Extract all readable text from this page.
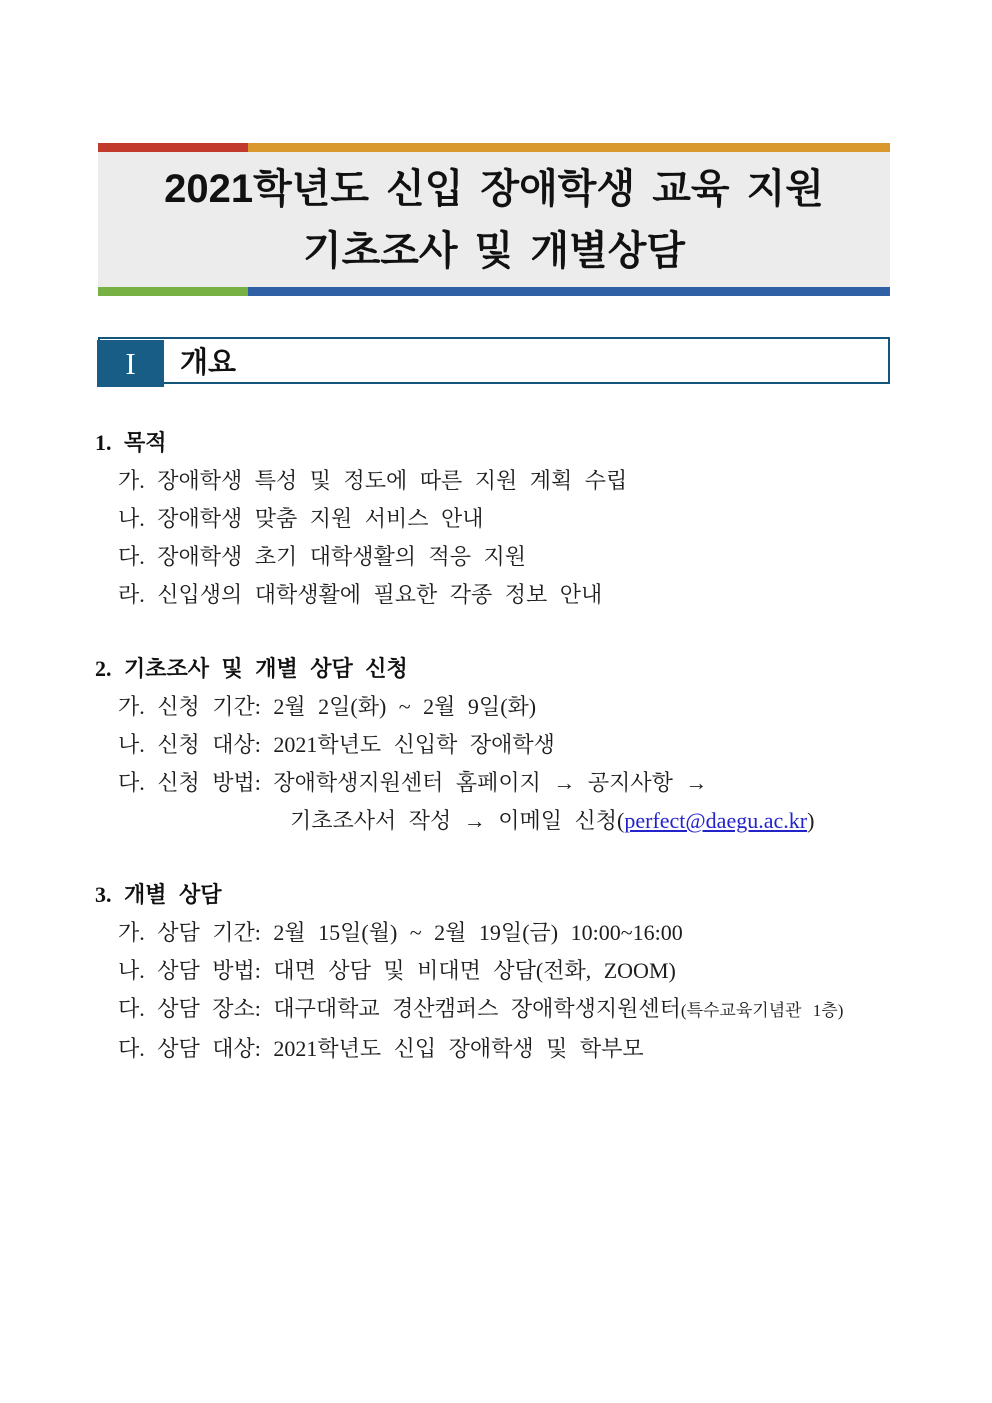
2021학년도 신입 장애학생 교육 지원
기초조사 및 개별상담
개요
I

1. 목적

가. 장애학생 특성 및 정도에 따른 지원 계획 수립

나. 장애학생 맞춤 지원 서비스 안내

다. 장애학생 초기 대학생활의 적응 지원

라. 신입생의 대학생활에 필요한 각종 정보 안내

2. 기초조사 및 개별 상담 신청

가. 신청 기간: 2월 2일(화) ~ 2월 9일(화)

나. 신청 대상: 2021학년도 신입학 장애학생

다. 신청 방법: 장애학생지원센터 홈페이지 → 공지사항 →

기초조사서 작성 → 이메일 신청(perfect@daegu.ac.kr)

3. 개별 상담

가. 상담 기간: 2월 15일(월) ~ 2월 19일(금) 10:00~16:00

나. 상담 방법: 대면 상담 및 비대면 상담(전화, ZOOM)

다. 상담 장소: 대구대학교 경산캠퍼스 장애학생지원센터(특수교육기념관 1층)

다. 상담 대상: 2021학년도 신입 장애학생 및 학부모
